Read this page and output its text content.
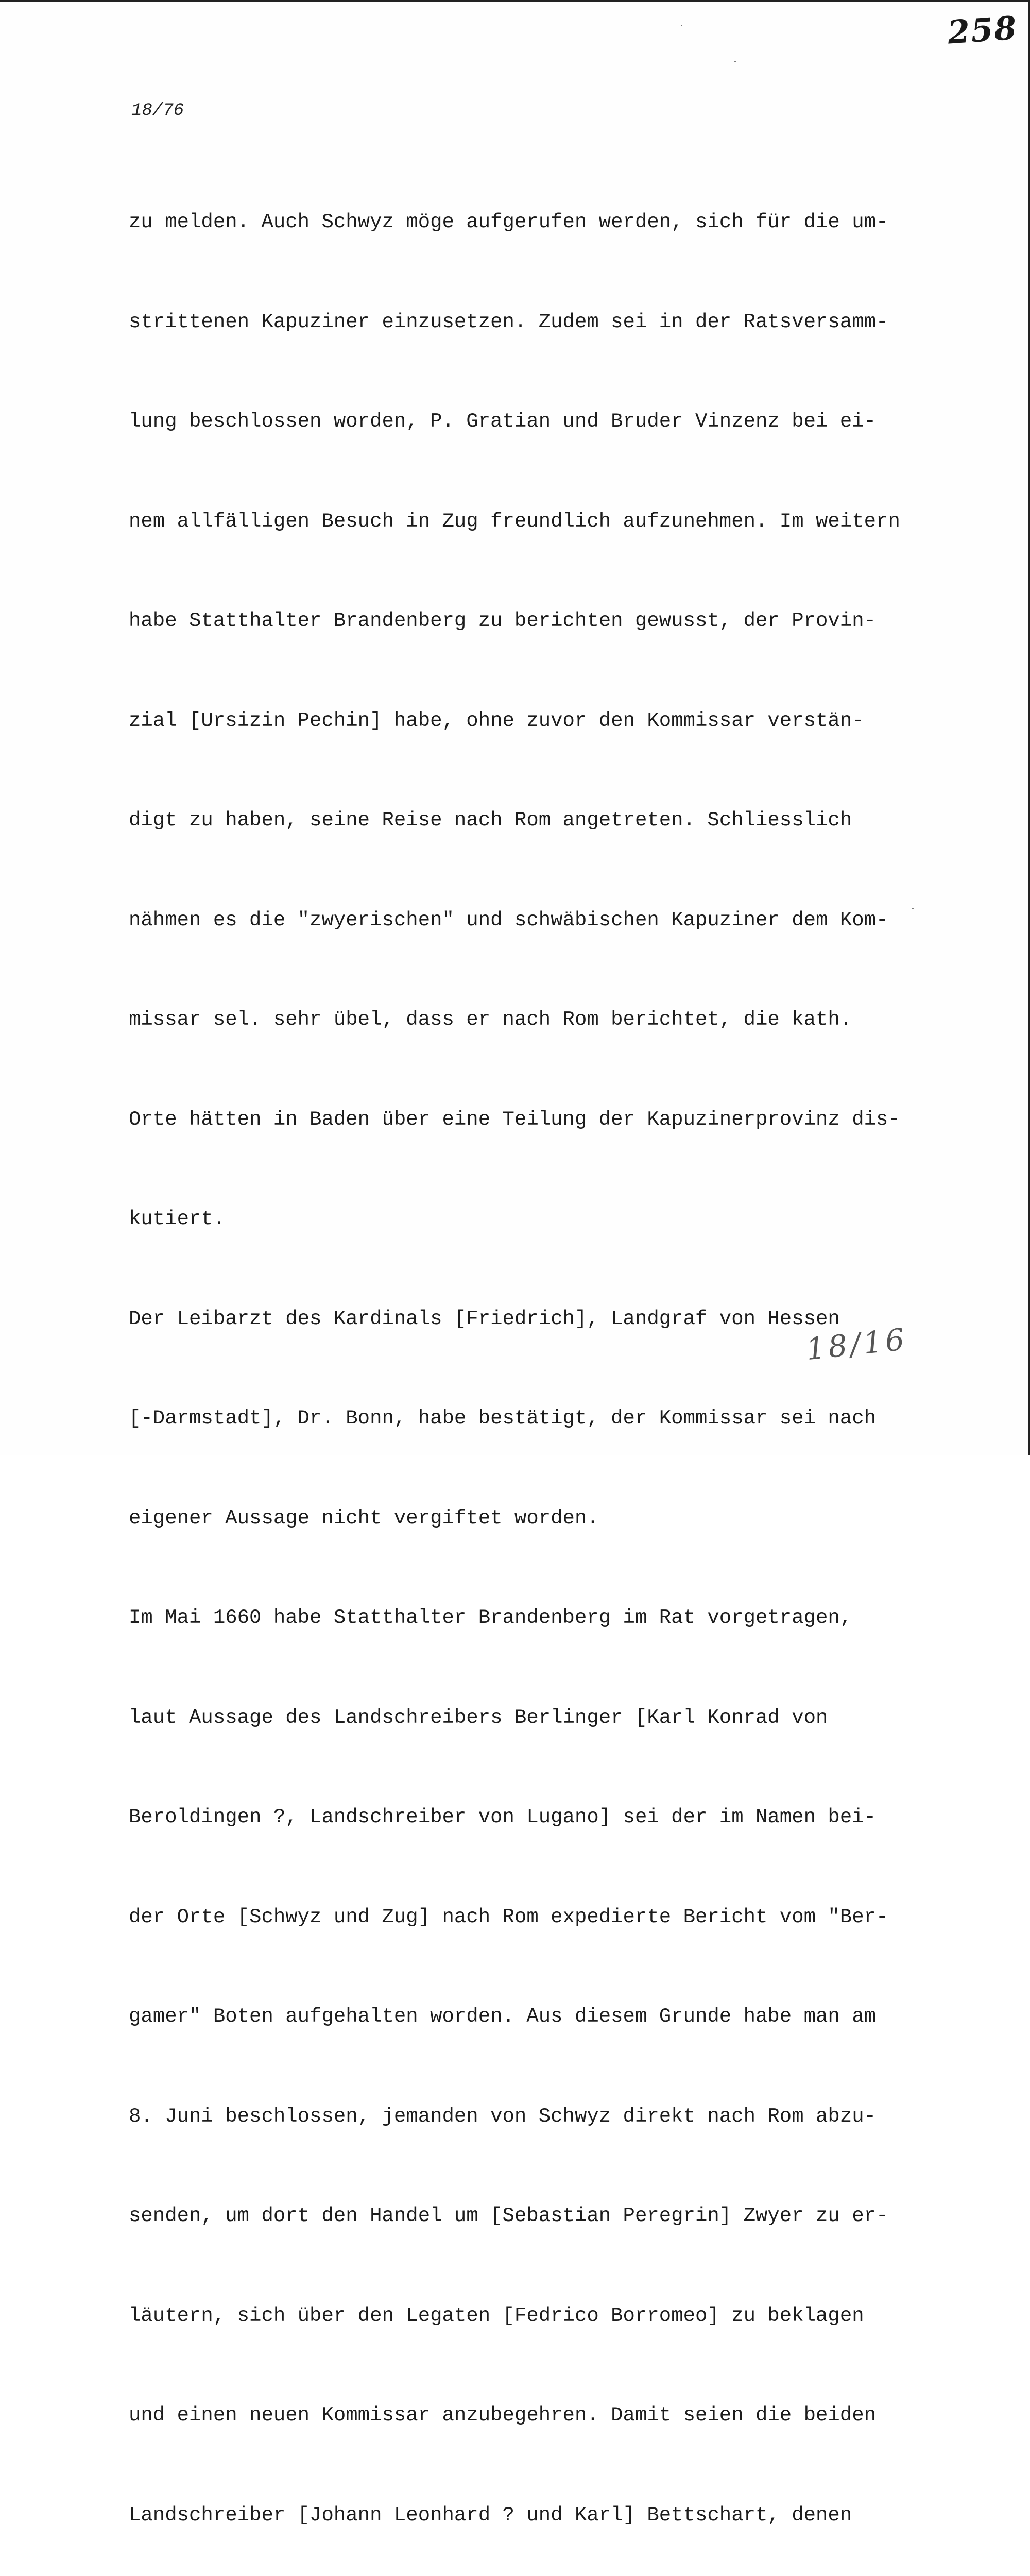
258
18/76

zu melden. Auch Schwyz möge aufgerufen werden, sich für die um-

strittenen Kapuziner einzusetzen. Zudem sei in der Ratsversamm-

lung beschlossen worden, P. Gratian und Bruder Vinzenz bei ei-

nem allfälligen Besuch in Zug freundlich aufzunehmen. Im weitern

habe Statthalter Brandenberg zu berichten gewusst, der Provin-

zial [Ursizin Pechin] habe, ohne zuvor den Kommissar verstän-

digt zu haben, seine Reise nach Rom angetreten. Schliesslich

nähmen es die "zwyerischen" und schwäbischen Kapuziner dem Kom-

missar sel. sehr übel, dass er nach Rom berichtet, die kath.

Orte hätten in Baden über eine Teilung der Kapuzinerprovinz dis-

kutiert.

Der Leibarzt des Kardinals [Friedrich], Landgraf von Hessen

[-Darmstadt], Dr. Bonn, habe bestätigt, der Kommissar sei nach

eigener Aussage nicht vergiftet worden.

Im Mai 1660 habe Statthalter Brandenberg im Rat vorgetragen,

laut Aussage des Landschreibers Berlinger [Karl Konrad von

Beroldingen ?, Landschreiber von Lugano] sei der im Namen bei-

der Orte [Schwyz und Zug] nach Rom expedierte Bericht vom "Ber-

gamer" Boten aufgehalten worden. Aus diesem Grunde habe man am

8. Juni beschlossen, jemanden von Schwyz direkt nach Rom abzu-

senden, um dort den Handel um [Sebastian Peregrin] Zwyer zu er-

läutern, sich über den Legaten [Fedrico Borromeo] zu beklagen

und einen neuen Kommissar anzubegehren. Damit seien die beiden

Landschreiber [Johann Leonhard ? und Karl] Bettschart, denen

18/16
